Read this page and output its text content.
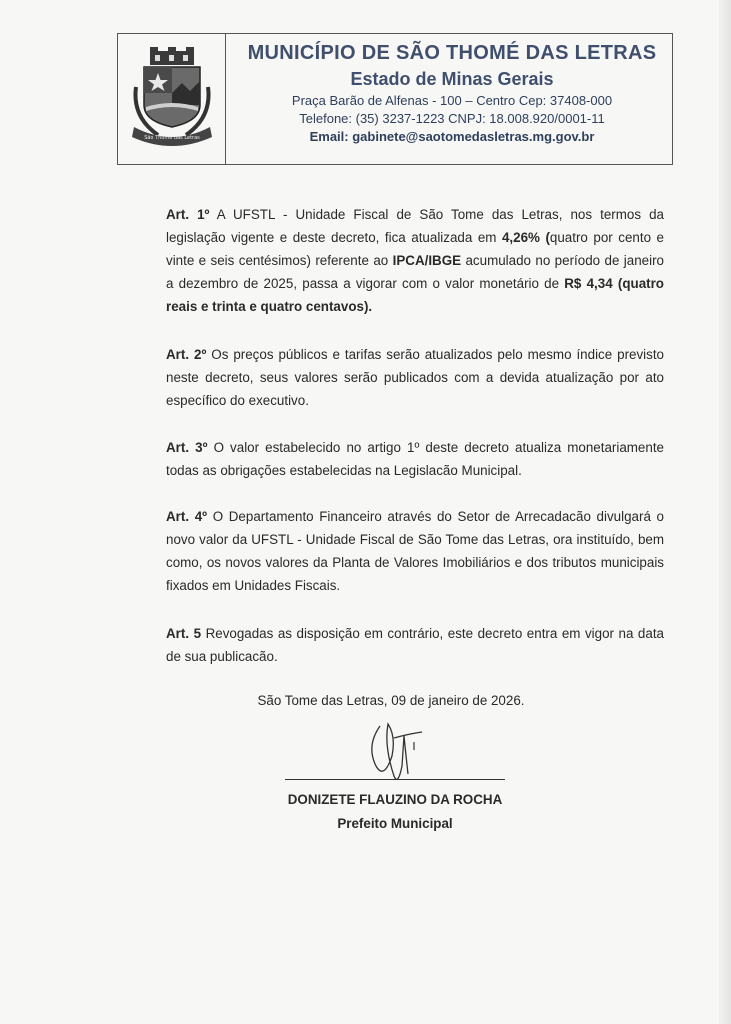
São Thomé das Letras

MUNICÍPIO DE SÃO THOMÉ DAS LETRAS

Estado de Minas Gerais

Praça Barão de Alfenas - 100 – Centro Cep: 37408-000

Telefone: (35) 3237-1223 CNPJ: 18.008.920/0001-11

Email: gabinete@saotomedasletras.mg.gov.br

Art. 1º A UFSTL - Unidade Fiscal de São Tome das Letras, nos termos da legislação vigente e deste decreto, fica atualizada em 4,26% (quatro por cento e vinte e seis centésimos) referente ao IPCA/IBGE acumulado no período de janeiro a dezembro de 2025, passa a vigorar com o valor monetário de R$ 4,34 (quatro reais e trinta e quatro centavos).

Art. 2º Os preços públicos e tarifas serão atualizados pelo mesmo índice previsto neste decreto, seus valores serão publicados com a devida atualização por ato específico do executivo.

Art. 3º O valor estabelecido no artigo 1º deste decreto atualiza monetariamente todas as obrigações estabelecidas na Legislacão Municipal.

Art. 4º O Departamento Financeiro através do Setor de Arrecadacão divulgará o novo valor da UFSTL - Unidade Fiscal de São Tome das Letras, ora instituído, bem como, os novos valores da Planta de Valores Imobiliários e dos tributos municipais fixados em Unidades Fiscais.

Art. 5 Revogadas as disposição em contrário, este decreto entra em vigor na data de sua publicacão.

São Tome das Letras, 09 de janeiro de 2026.
DONIZETE FLAUZINO DA ROCHA
Prefeito Municipal
